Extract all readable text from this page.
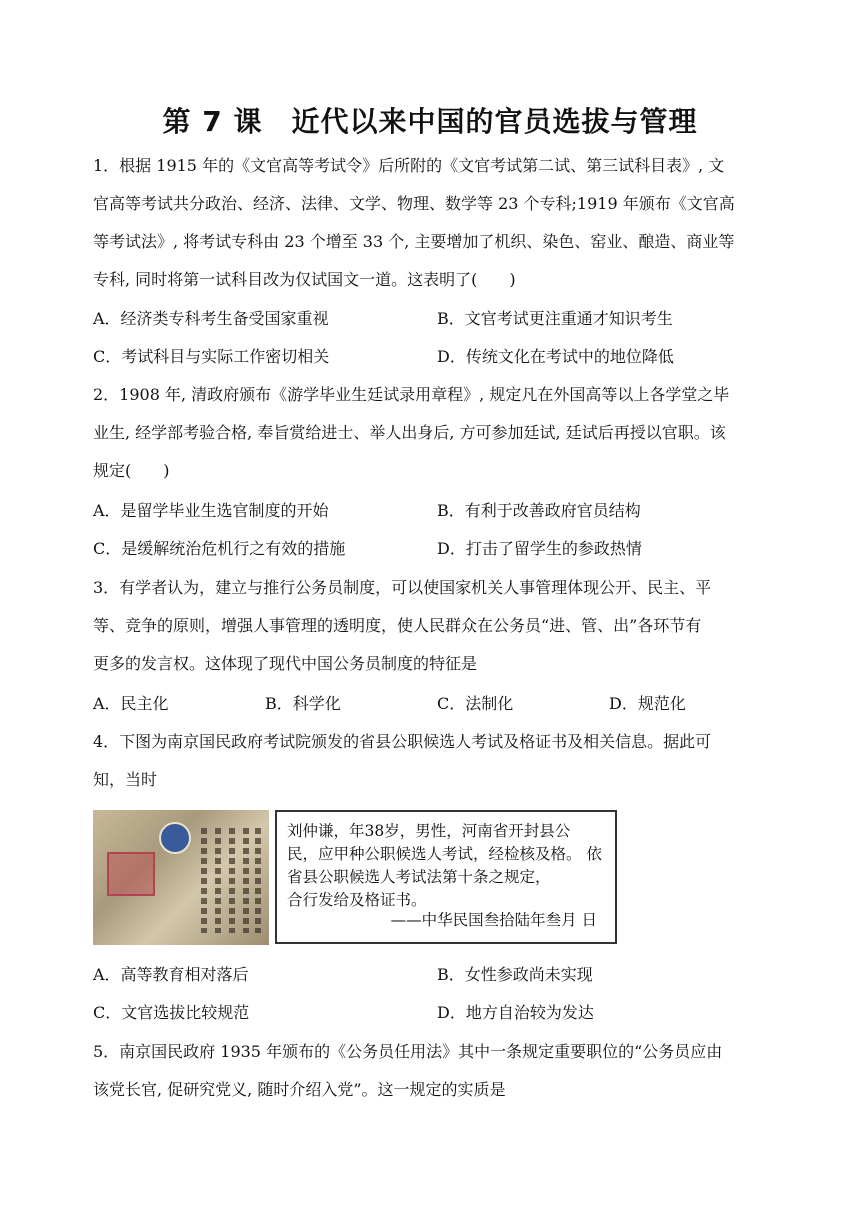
第 7 课　近代以来中国的官员选拔与管理
1．根据 1915 年的《文官高等考试令》后所附的《文官考试第二试、第三试科目表》, 文
官高等考试共分政治、经济、法律、文学、物理、数学等 23 个专科;1919 年颁布《文官高
等考试法》, 将考试专科由 23 个增至 33 个, 主要增加了机织、染色、窑业、酿造、商业等
专科, 同时将第一试科目改为仅试国文一道。这表明了(　　)
A．经济类专科考生备受国家重视	B．文官考试更注重通才知识考生
C．考试科目与实际工作密切相关	D．传统文化在考试中的地位降低
2．1908 年, 清政府颁布《游学毕业生廷试录用章程》, 规定凡在外国高等以上各学堂之毕
业生, 经学部考验合格, 奉旨赏给进士、举人出身后, 方可参加廷试, 廷试后再授以官职。该
规定(　　)
A．是留学毕业生选官制度的开始	B．有利于改善政府官员结构
C．是缓解统治危机行之有效的措施	D．打击了留学生的参政热情
3．有学者认为，建立与推行公务员制度，可以使国家机关人事管理体现公开、民主、平
等、竞争的原则，增强人事管理的透明度，使人民群众在公务员“进、管、出”各环节有
更多的发言权。这体现了现代中国公务员制度的特征是
A．民主化	B．科学化	C．法制化	D．规范化
4．下图为南京国民政府考试院颁发的省县公职候选人考试及格证书及相关信息。据此可
知，当时
刘仲谦，年38岁，男性，河南省开封县公
民，应甲种公职候选人考试，经检核及格。 依
省县公职候选人考试法第十条之规定，
合行发给及格证书。
——中华民国叁拾陆年叁月 日
A．高等教育相对落后	B．女性参政尚未实现
C．文官选拔比较规范	D．地方自治较为发达
5．南京国民政府 1935 年颁布的《公务员任用法》其中一条规定重要职位的“公务员应由
该党长官, 促研究党义, 随时介绍入党”。这一规定的实质是
